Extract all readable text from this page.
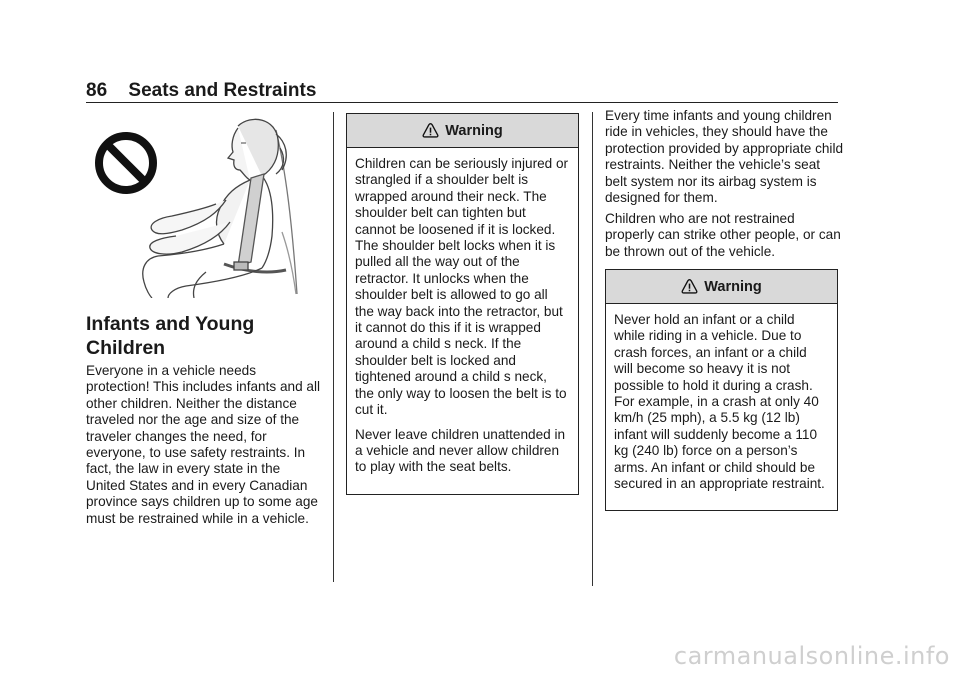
86 Seats and Restraints
Infants and Young
Children

Everyone in a vehicle needs protection! This includes infants and all other children. Neither the distance traveled nor the age and size of the traveler changes the need, for everyone, to use safety restraints. In fact, the law in every state in the United States and in every Canadian province says children up to some age must be restrained while in a vehicle.

Warning

Children can be seriously injured or strangled if a shoulder belt is wrapped around their neck. The shoulder belt can tighten but cannot be loosened if it is locked. The shoulder belt locks when it is pulled all the way out of the retractor. It unlocks when the shoulder belt is allowed to go all the way back into the retractor, but it cannot do this if it is wrapped around a child s neck. If the shoulder belt is locked and tightened around a child s neck, the only way to loosen the belt is to cut it.

Never leave children unattended in a vehicle and never allow children to play with the seat belts.

Every time infants and young children ride in vehicles, they should have the protection provided by appropriate child restraints. Neither the vehicle’s seat belt system nor its airbag system is designed for them.

Children who are not restrained properly can strike other people, or can be thrown out of the vehicle.

Warning

Never hold an infant or a child while riding in a vehicle. Due to crash forces, an infant or a child will become so heavy it is not possible to hold it during a crash. For example, in a crash at only 40 km/h (25 mph), a 5.5 kg (12 lb) infant will suddenly become a 110 kg (240 lb) force on a person’s arms. An infant or child should be secured in an appropriate restraint.

carmanualsonline.info
